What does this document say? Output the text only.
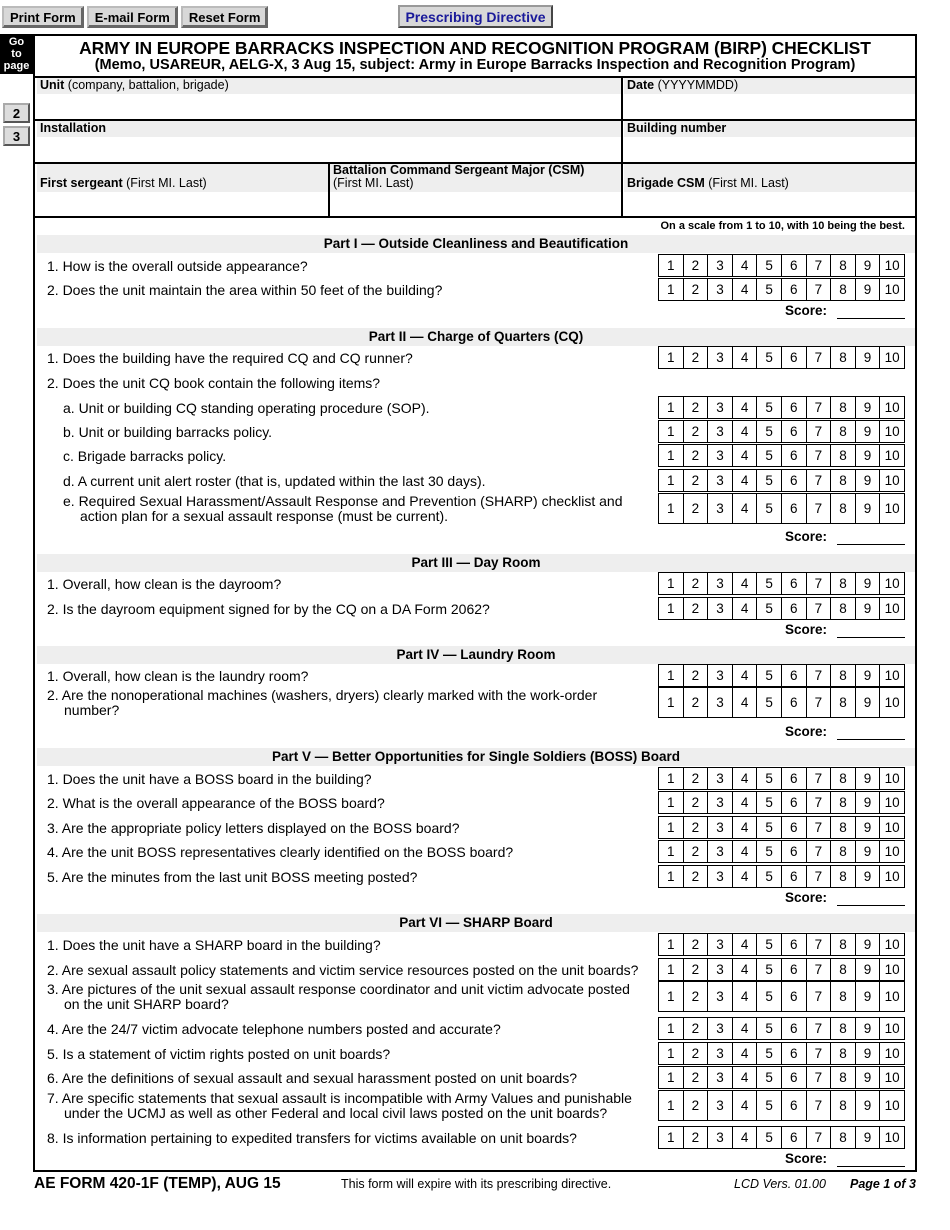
Print Form	E-mail Form	Reset Form	Prescribing Directive
Go
to
page
2
3
ARMY IN EUROPE BARRACKS INSPECTION AND RECOGNITION PROGRAM (BIRP) CHECKLIST
(Memo, USAREUR, AELG-X, 3 Aug 15, subject: Army in Europe Barracks Inspection and Recognition Program)
Unit (company, battalion, brigade)	Date (YYYYMMDD)
Installation	Building number
First sergeant (First MI. Last)
Battalion Command Sergeant Major (CSM)
(First MI. Last)	Brigade CSM (First MI. Last)
On a scale from 1 to 10, with 10 being the best.
Part I — Outside Cleanliness and Beautification
1. How is the overall outside appearance?	1	2	3	4	5	6	7	8	9 10
2. Does the unit maintain the area within 50 feet of the building?	1	2	3	4	5	6	7	8	9 10
Score:
Part II — Charge of Quarters (CQ)
1. Does the building have the required CQ and CQ runner?	1	2	3	4	5	6	7	8	9 10
2. Does the unit CQ book contain the following items?
a. Unit or building CQ standing operating procedure (SOP).	1	2	3	4	5	6	7	8	9 10
b. Unit or building barracks policy.	1	2	3	4	5	6	7	8	9 10
c. Brigade barracks policy.	1	2	3	4	5	6	7	8	9 10
d. A current unit alert roster (that is, updated within the last 30 days).	1	2	3	4	5	6	7	8	9 10
e. Required Sexual Harassment/Assault Response and Prevention (SHARP) checklist and action plan for a sexual assault response (must be current).	1	2	3	4	5	6	7	8	9 10
Score:
Part III — Day Room
1. Overall, how clean is the dayroom?	1	2	3	4	5	6	7	8	9 10
2. Is the dayroom equipment signed for by the CQ on a DA Form 2062?	1	2	3	4	5	6	7	8	9 10
Score:
Part IV — Laundry Room
1. Overall, how clean is the laundry room?	1	2	3	4	5	6	7	8	9 10
2. Are the nonoperational machines (washers, dryers) clearly marked with the work-order number?	1	2	3	4	5	6	7	8	9 10
Score:
Part V — Better Opportunities for Single Soldiers (BOSS) Board
1. Does the unit have a BOSS board in the building?	1	2	3	4	5	6	7	8	9 10
2. What is the overall appearance of the BOSS board?	1	2	3	4	5	6	7	8	9 10
3. Are the appropriate policy letters displayed on the BOSS board?	1	2	3	4	5	6	7	8	9 10
4. Are the unit BOSS representatives clearly identified on the BOSS board?	1	2	3	4	5	6	7	8	9 10
5. Are the minutes from the last unit BOSS meeting posted?	1	2	3	4	5	6	7	8	9 10
Score:
Part VI — SHARP Board
1. Does the unit have a SHARP board in the building?	1	2	3	4	5	6	7	8	9 10
2. Are sexual assault policy statements and victim service resources posted on the unit boards?	1	2	3	4	5	6	7	8	9 10
3. Are pictures of the unit sexual assault response coordinator and unit victim advocate posted on the unit SHARP board?	1	2	3	4	5	6	7	8	9 10
4. Are the 24/7 victim advocate telephone numbers posted and accurate?	1	2	3	4	5	6	7	8	9 10
5. Is a statement of victim rights posted on unit boards?	1	2	3	4	5	6	7	8	9 10
6. Are the definitions of sexual assault and sexual harassment posted on unit boards?	1	2	3	4	5	6	7	8	9 10
7. Are specific statements that sexual assault is incompatible with Army Values and punishable under the UCMJ as well as other Federal and local civil laws posted on the unit boards?	1	2	3	4	5	6	7	8	9 10
8. Is information pertaining to expedited transfers for victims available on unit boards?	1	2	3	4	5	6	7	8	9 10
Score:
AE FORM 420-1F (TEMP), AUG 15	This form will expire with its prescribing directive.	LCD Vers. 01.00 Page 1 of 3
